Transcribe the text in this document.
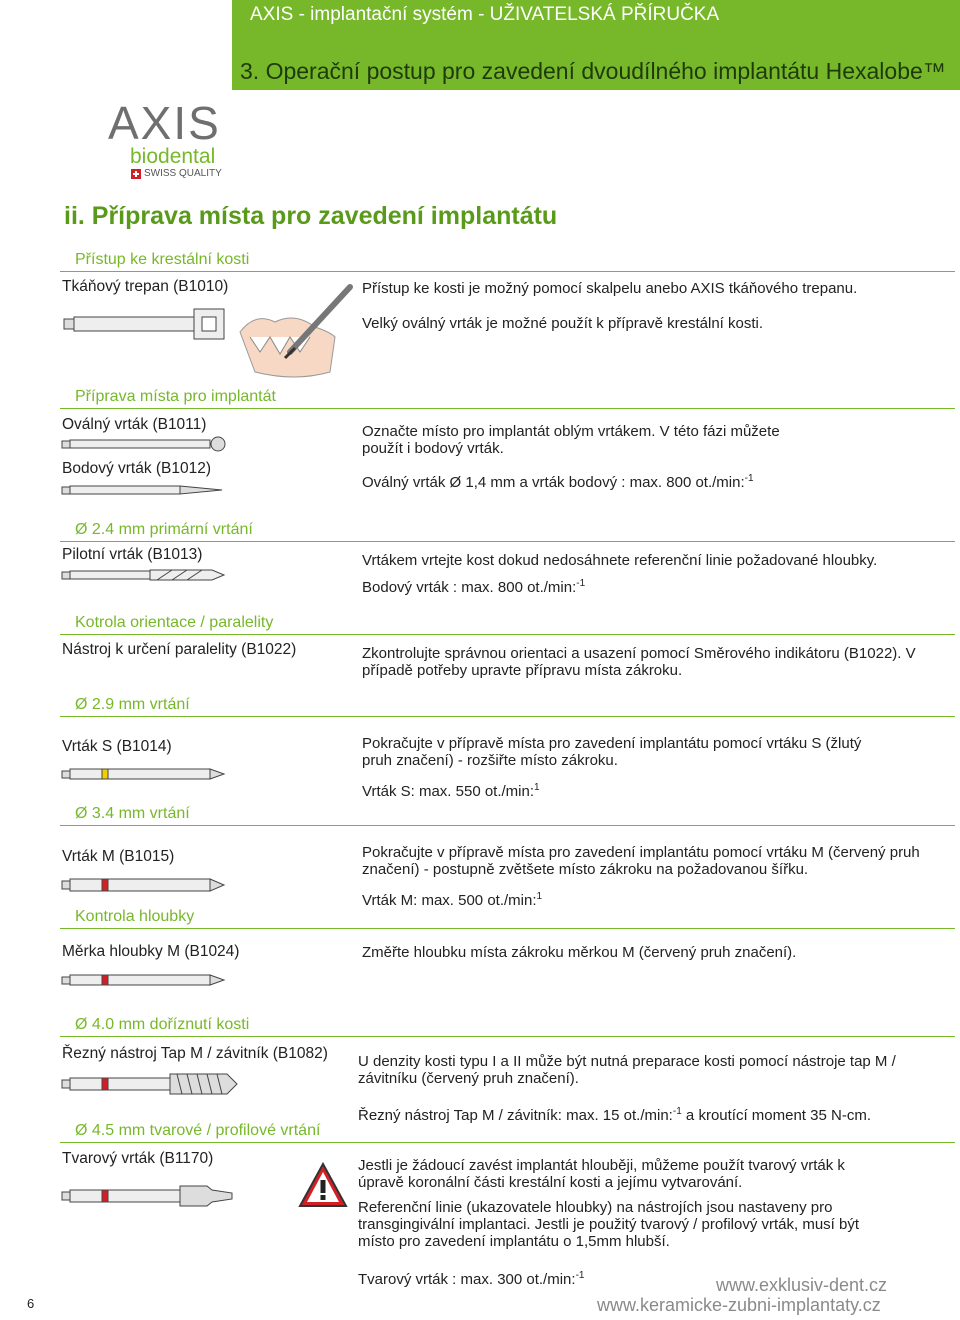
AXIS - implantační systém - UŽIVATELSKÁ PŘÍRUČKA
3. Operační postup pro zavedení dvoudílného implantátu Hexalobe™
AXIS
biodental
SWISS QUALITY
ii. Příprava místa pro zavedení implantátu
Přístup ke krestální kosti
Tkáňový trepan (B1010)	Přístup ke kosti je možný pomocí skalpelu anebo AXIS tkáňového trepanu.
Velký oválný vrták je možné použít k přípravě krestální kosti.
Příprava místa pro implantát
Oválný vrták (B1011)
Bodový vrták (B1012)
Označte místo pro implantát oblým vrtákem. V této fázi můžete použít i bodový vrták.
Oválný vrták Ø 1,4 mm a vrták bodový : max. 800 ot./min:$^{-1}$
Ø 2.4 mm primární vrtání
Pilotní vrták (B1013)	Vrtákem vrtejte kost dokud nedosáhnete referenční linie požadované hloubky.
Bodový vrták : max. 800 ot./min:$^{-1}$
Kotrola orientace / paralelity
Nástroj k určení paralelity (B1022)	Zkontrolujte správnou orientaci a usazení pomocí Směrového indikátoru (B1022). V případě potřeby upravte přípravu místa zákroku.
Ø 2.9 mm vrtání
Vrták S (B1014)	Pokračujte v přípravě místa pro zavedení implantátu pomocí vrtáku S (žlutý pruh značení) - rozšiřte místo zákroku.
Vrták S: max. 550 ot./min:$^1$
Ø 3.4 mm vrtání
Vrták M (B1015)	Pokračujte v přípravě místa pro zavedení implantátu pomocí vrtáku M (červený pruh značení) - postupně zvětšete místo zákroku na požadovanou šířku.
Vrták M: max. 500 ot./min:$^1$
Kontrola hloubky
Měrka hloubky M (B1024)	Změřte hloubku místa zákroku měrkou M (červený pruh značení).
Ø 4.0 mm doříznutí kosti
Řezný nástroj Tap M / závitník (B1082) U denzity kosti typu I a II může být nutná preparace kosti pomocí nástroje tap M / závitníku (červený pruh značení).
Řezný nástroj Tap M / závitník: max. 15 ot./min:$^{-1}$ a kroutící moment 35 N-cm.
Ø 4.5 mm tvarové / profilové vrtání
Tvarový vrták (B1170)	Jestli je žádoucí zavést implantát hlouběji, můžeme použít tvarový vrták k úpravě koronální části krestální kosti a jejímu vytvarování.
Referenční linie (ukazovatele hloubky) na nástrojích jsou nastaveny pro transgingivální implantaci. Jestli je použitý tvarový / profilový vrták, musí být místo pro zavedení implantátu o 1,5mm hlubší.
Tvarový vrták : max. 300 ot./min:$^{-1}$
6
www.exklusiv-dent.cz
www.keramicke-zubni-implantaty.cz
